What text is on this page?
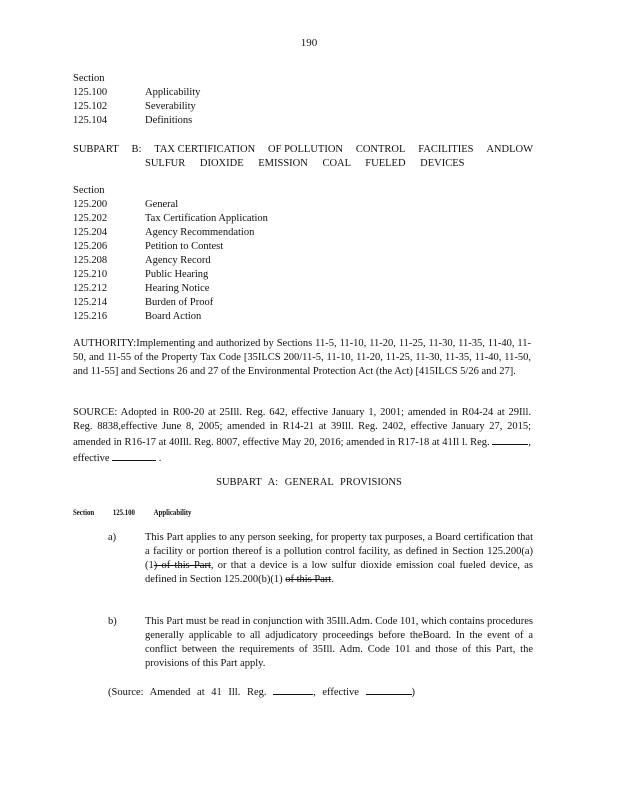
190
Section
125.100	Applicability
125.102	Severability
125.104	Definitions
SUBPART B: TAX CERTIFICATION OF POLLUTION CONTROL FACILITIES ANDLOW
SULFUR DIOXIDE EMISSION COAL FUELED DEVICES
Section
125.200	General
125.202	Tax Certification Application
125.204	Agency Recommendation
125.206	Petition to Contest
125.208	Agency Record
125.210	Public Hearing
125.212	Hearing Notice
125.214	Burden of Proof
125.216	Board Action
AUTHORITY:Implementing and authorized by Sections 11-5, 11-10, 11-20, 11-25, 11-30, 11-35, 11-40, 11-50, and 11-55 of the Property Tax Code [35ILCS 200/11-5, 11-10, 11-20, 11-25, 11-30, 11-35, 11-40, 11-50, and 11-55] and Sections 26 and 27 of the Environmental Protection Act (the Act) [415ILCS 5/26 and 27].
SOURCE: Adopted in R00-20 at 25Ill. Reg. 642, effective January 1, 2001; amended in R04-24 at 29Ill. Reg. 8838,effective June 8, 2005; amended in R14-21 at 39Ill. Reg. 2402, effective January 27, 2015; amended in R16-17 at 40Ill. Reg. 8007, effective May 20, 2016; amended in R17-18 at 41Il l. Reg.	, effective	.
SUBPART A: GENERAL PROVISIONS
Section 125.100 Applicability
a)	This Part applies to any person seeking, for property tax purposes, a Board certification that a facility or portion thereof is a pollution control facility, as defined in Section 125.200(a)(1) of this Part, or that a device is a low sulfur dioxide emission coal fueled device, as defined in Section 125.200(b)(1) of this Part.
b)	This Part must be read in conjunction with 35Ill.Adm. Code 101, which contains procedures generally applicable to all adjudicatory proceedings before theBoard. In the event of a conflict between the requirements of 35Ill. Adm. Code 101 and those of this Part, the provisions of this Part apply.
(Source: Amended at 41 Ill. Reg.	, effective	)
